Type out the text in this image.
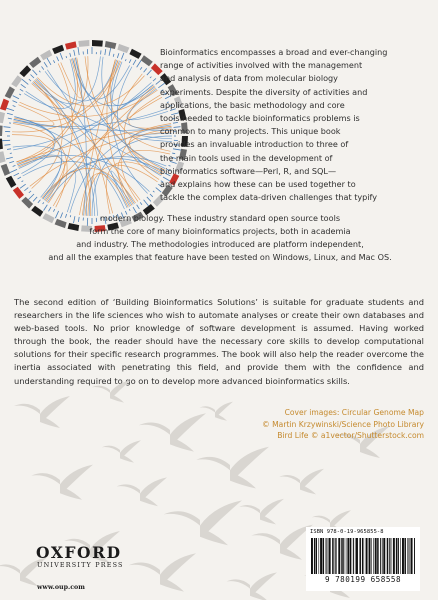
Bioinformatics encompasses a broad and ever-changing
range of activities involved with the management
and analysis of data from molecular biology
experiments. Despite the diversity of activities and
applications, the basic methodology and core
tools needed to tackle bioinformatics problems is
common to many projects. This unique book
provides an invaluable introduction to three of
the main tools used in the development of
bioinformatics software—Perl, R, and SQL—
and explains how these can be used together to
tackle the complex data-driven challenges that typify
modern biology. These industry standard open source tools
form the core of many bioinformatics projects, both in academia
and industry. The methodologies introduced are platform independent,
and all the examples that feature have been tested on Windows, Linux, and Mac OS.
The second edition of ‘Building Bioinformatics Solutions’ is suitable for graduate students and researchers in the life sciences who wish to automate analyses or create their own databases and web-based tools. No prior knowledge of software development is assumed. Having worked through the book, the reader should have the necessary core skills to develop computational solutions for their specific research programmes. The book will also help the reader overcome the inertia associated with penetrating this field, and provide them with the confidence and understanding required to go on to develop more advanced bioinformatics skills.
Cover images: Circular Genome Map
© Martin Krzywinski/Science Photo Library
Bird Life © a1vector/Shutterstock.com
OXFORD
UNIVERSITY PRESS
www.oup.com
ISBN 978-0-19-965855-8
9 780199 658558
